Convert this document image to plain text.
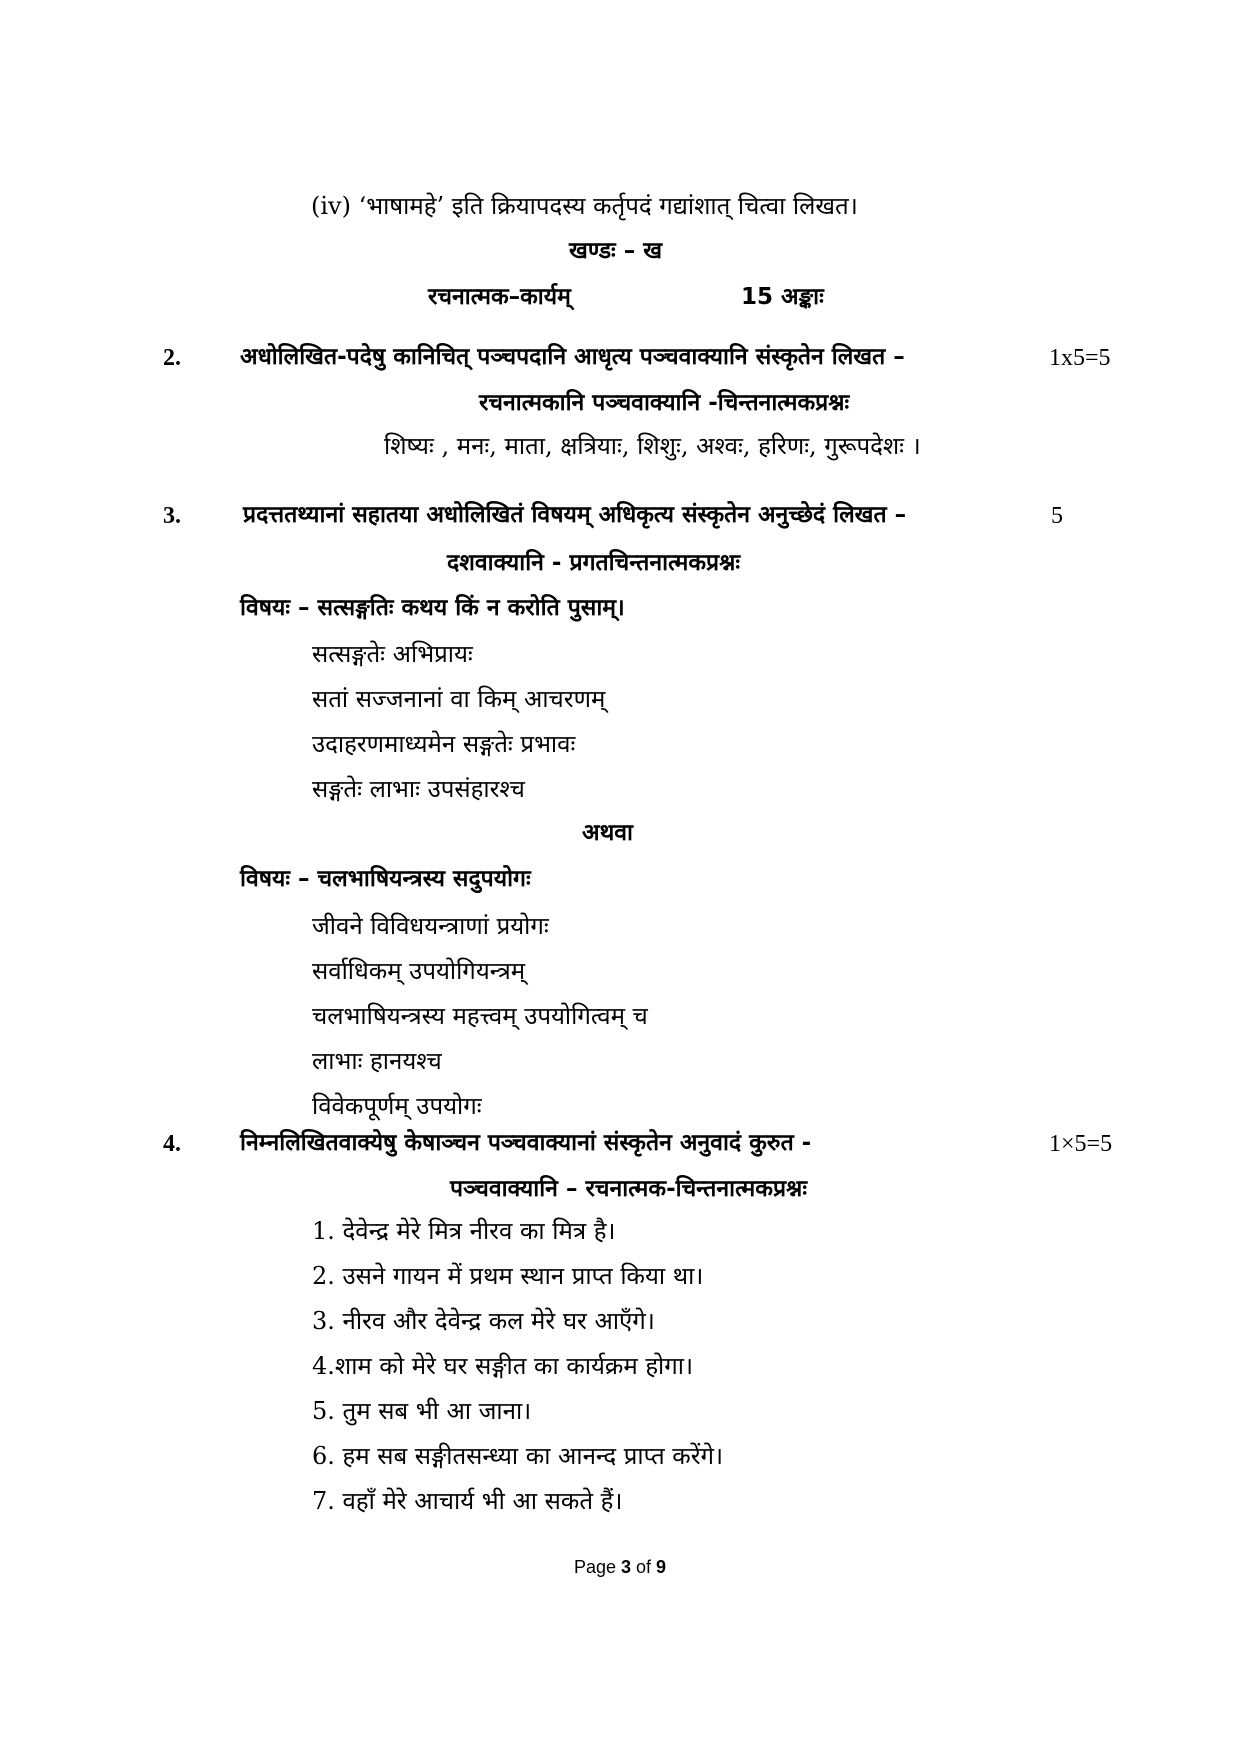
(iv) ‘भाषामहे’ इति क्रियापदस्य कर्तृपदं गद्यांशात् चित्वा लिखत।
खण्डः – ख
रचनात्मक–कार्यम्	15 अङ्काः
2.	अधोलिखित-पदेषु कानिचित् पञ्चपदानि आधृत्य पञ्चवाक्यानि संस्कृतेन लिखत –	1x5=5
रचनात्मकानि पञ्चवाक्यानि -चिन्तनात्मकप्रश्नः
शिष्यः , मनः, माता, क्षत्रियाः, शिशुः, अश्वः, हरिणः, गुरूपदेशः ।
3.	प्रदत्ततथ्यानां सहातया अधोलिखितं विषयम् अधिकृत्य संस्कृतेन अनुच्छेदं लिखत –	5
दशवाक्यानि - प्रगतचिन्तनात्मकप्रश्नः
विषयः – सत्सङ्गतिः कथय किं न करोति पुसाम्।
सत्सङ्गतेः अभिप्रायः
सतां सज्जनानां वा किम् आचरणम्
उदाहरणमाध्यमेन सङ्गतेः प्रभावः
सङ्गतेः लाभाः उपसंहारश्च
अथवा
विषयः – चलभाषियन्त्रस्य सदुपयोगः
जीवने विविधयन्त्राणां प्रयोगः
सर्वाधिकम् उपयोगियन्त्रम्
चलभाषियन्त्रस्य महत्त्वम् उपयोगित्वम् च
लाभाः हानयश्च
विवेकपूर्णम् उपयोगः
4.	निम्नलिखितवाक्येषु केषाञ्चन पञ्चवाक्यानां संस्कृतेन अनुवादं कुरुत -	1×5=5
पञ्चवाक्यानि – रचनात्मक-चिन्तनात्मकप्रश्नः
1. देवेन्द्र मेरे मित्र नीरव का मित्र है।
2. उसने गायन में प्रथम स्थान प्राप्त किया था।
3. नीरव और देवेन्द्र कल मेरे घर आएँगे।
4.शाम को मेरे घर सङ्गीत का कार्यक्रम होगा।
5. तुम सब भी आ जाना।
6. हम सब सङ्गीतसन्ध्या का आनन्द प्राप्त करेंगे।
7. वहाँ मेरे आचार्य भी आ सकते हैं।
Page 3 of 9
